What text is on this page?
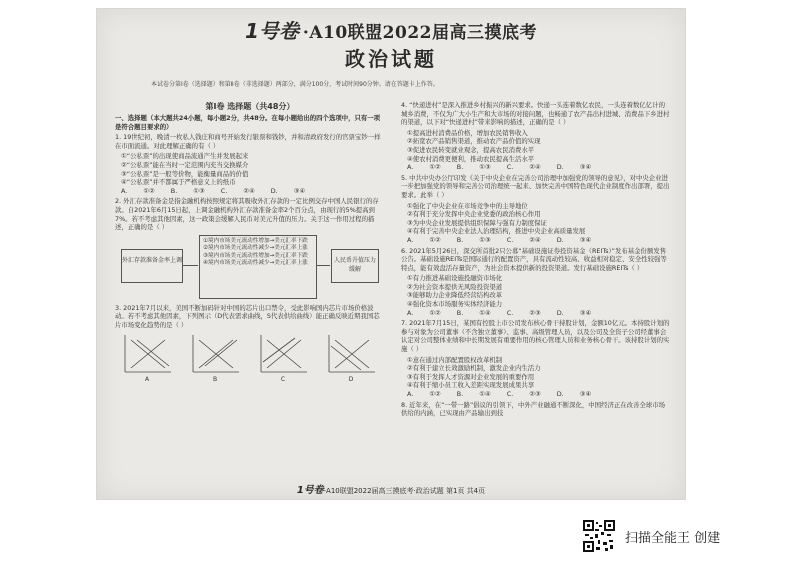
1号卷 ·A10联盟2022届高三摸底考
政治试题
本试卷分第Ⅰ卷（选择题）和第Ⅱ卷（非选择题）两部分，满分100分，考试时间90分钟。请在答题卡上作答。
第Ⅰ卷 选择题（共48分）
一、选择题（本大题共24小题，每小题2分，共48分。在每小题给出的四个选项中，只有一项是符合题目要求的）
1. 19世纪初，晚清一枚私人钱庄和商号开始发行银票和钱钞，并和清政府发行的官票宝钞一样在市面流通。对此理解正确的有（ ）
①“公私票”的出现使商品流通产生并发展起来
②“公私票”能在当时一定范围内充当交换媒介
③“公私票”是一般等价物，能衡量商品的价值
④“公私票”并不都属于严格意义上的纸币
A. ①② B. ①③ C. ②④ D. ③④
2. 外汇存款准备金是指金融机构按照规定将其吸收外汇存款的一定比例交存中国人民银行的存款。自2021年6月15日起，上调金融机构外汇存款准备金率2个百分点，由现行的5%提高到7%。若不考虑其他因素，这一政策会缓解人民币对美元升值的压力。关于这一作用过程的描述，正确的是（ ）
外汇存款准备金率上调
①境内市场美元流动性增加→美元汇率下跌
②境内市场美元流动性减少→美元汇率上涨
③境内市场美元流动性增加→美元汇率下跌
④境内市场美元流动性减少→美元汇率上涨	人民币升值压力缓解
3. 2021年7月以来，美国不断加码针对中国的芯片出口禁令，受此影响国内芯片市场价格波动。若不考虑其他因素，下列图示（D代表需求曲线，S代表供给曲线）能正确反映近期我国芯片市场变化趋势的是（ ）
A	B	C	D
4. “快递进村”是深入推进乡村振兴的新兴要求。快递一头连着数亿农民，一头连着数亿亿计的城乡消费，不仅为广大小生产和大市场的对接问题，也畅通了农产品出村进城、消费品下乡进村的渠道，以下对“快递进村”带来影响的描述，正确的是（ ）
①提高进村消费品价格，增加农民销售收入
②拓宽农产品销售渠道，推动农产品价值的实现
③促进农民转变就业观念，提高农民消费水平
④使农村消费更便利，推动农民提高生活水平
A. ①② B. ①③ C. ②④ D. ③④
5. 中共中央办公厅印发《关于中央企业在完善公司治理中加强党的领导的意见》，对中央企业进一步把加强党的领导和完善公司治理统一起来、加快完善中国特色现代企业制度作出部署，提出要求。此举（ ）
①强化了中央企业在市场竞争中的主导地位
②有利于充分发挥中央企业党委的政治核心作用
③为中央企业发展提供组织保障与强有力制度保证
④有利于完善中央企业法人治理结构，推进中央企业高质量发展
A. ①② B. ①③ C. ②④ D. ③④
6. 2021年5月26日，深交所首批2只公募“基础设施证券投资基金（REITs）”发布基金份额发售公告。基础设施REITs是国际通行的配置资产，具有流动性较高、收益相对稳定、安全性较强等特点，能有效盘活存量资产，为社会资本提供新的投资渠道。发行基础设施REITs（ ）
①有力推进基础设施投融资市场化
②为社会资本提供无风险投资渠道
③能够助力企业降低经营结构改革
④强化资本市场服务实体经济能力
A. ①② B. ①④ C. ②③ D. ③④
7. 2021年7月15日，某国有控股上市公司发布核心骨干持股计划，金额10亿元。本持股计划的参与对象为公司董事（不含独立董事）、监事、高级管理人员，以及公司及全资子公司经董事会认定对公司整体业绩和中长期发展有重要作用的核心管理人员和业务核心骨干。该持股计划的实施（ ）
①意在通过内部配置股权改革机制
②有利于建立长效激励机制，激发企业内生活力
③有利于发挥人才资源对企业发展的重要作用
④有利于缩小员工收入差距实现发展成果共享
A. ①② B. ①④ C. ②③ D. ③④
8. 近年来，在“一带一路”倡议的引领下，中外产业融通不断深化，中国经济正在改善全球市场供给的内涵，已实现由产品输出到技
1号卷·A10联盟2022届高三摸底考·政治试题 第1页 共4页
扫描全能王 创建
